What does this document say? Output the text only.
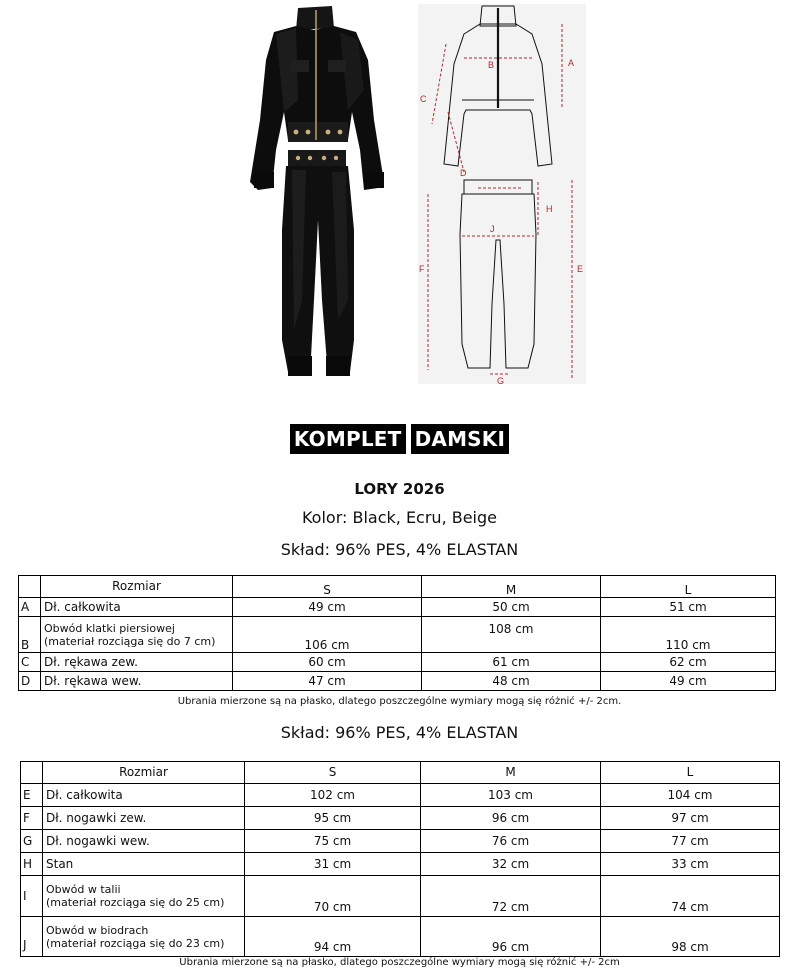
A
B
C
D
E
F
G
H
J
KOMPLET DAMSKI
LORY 2026
Kolor: Black, Ecru, Beige
Skład: 96% PES, 4% ELASTAN
	Rozmiar	S	M	L
A	Dł. całkowita	49 cm	50 cm	51 cm
B	Obwód klatki piersiowej
(materiał rozciąga się do 7 cm)	106 cm	108 cm	110 cm
C	Dł. rękawa zew.	60 cm	61 cm	62 cm
D	Dł. rękawa wew.	47 cm	48 cm	49 cm
Ubrania mierzone są na płasko, dlatego poszczególne wymiary mogą się różnić +/- 2cm.
Skład: 96% PES, 4% ELASTAN
	Rozmiar	S	M	L
E	Dł. całkowita	102 cm	103 cm	104 cm
F	Dł. nogawki zew.	95 cm	96 cm	97 cm
G	Dł. nogawki wew.	75 cm	76 cm	77 cm
H	Stan	31 cm	32 cm	33 cm
I	Obwód w talii
(materiał rozciąga się do 25 cm)	70 cm	72 cm	74 cm
J	Obwód w biodrach
(materiał rozciąga się do 23 cm)	94 cm	96 cm	98 cm
Ubrania mierzone są na płasko, dlatego poszczególne wymiary mogą się różnić +/- 2cm
